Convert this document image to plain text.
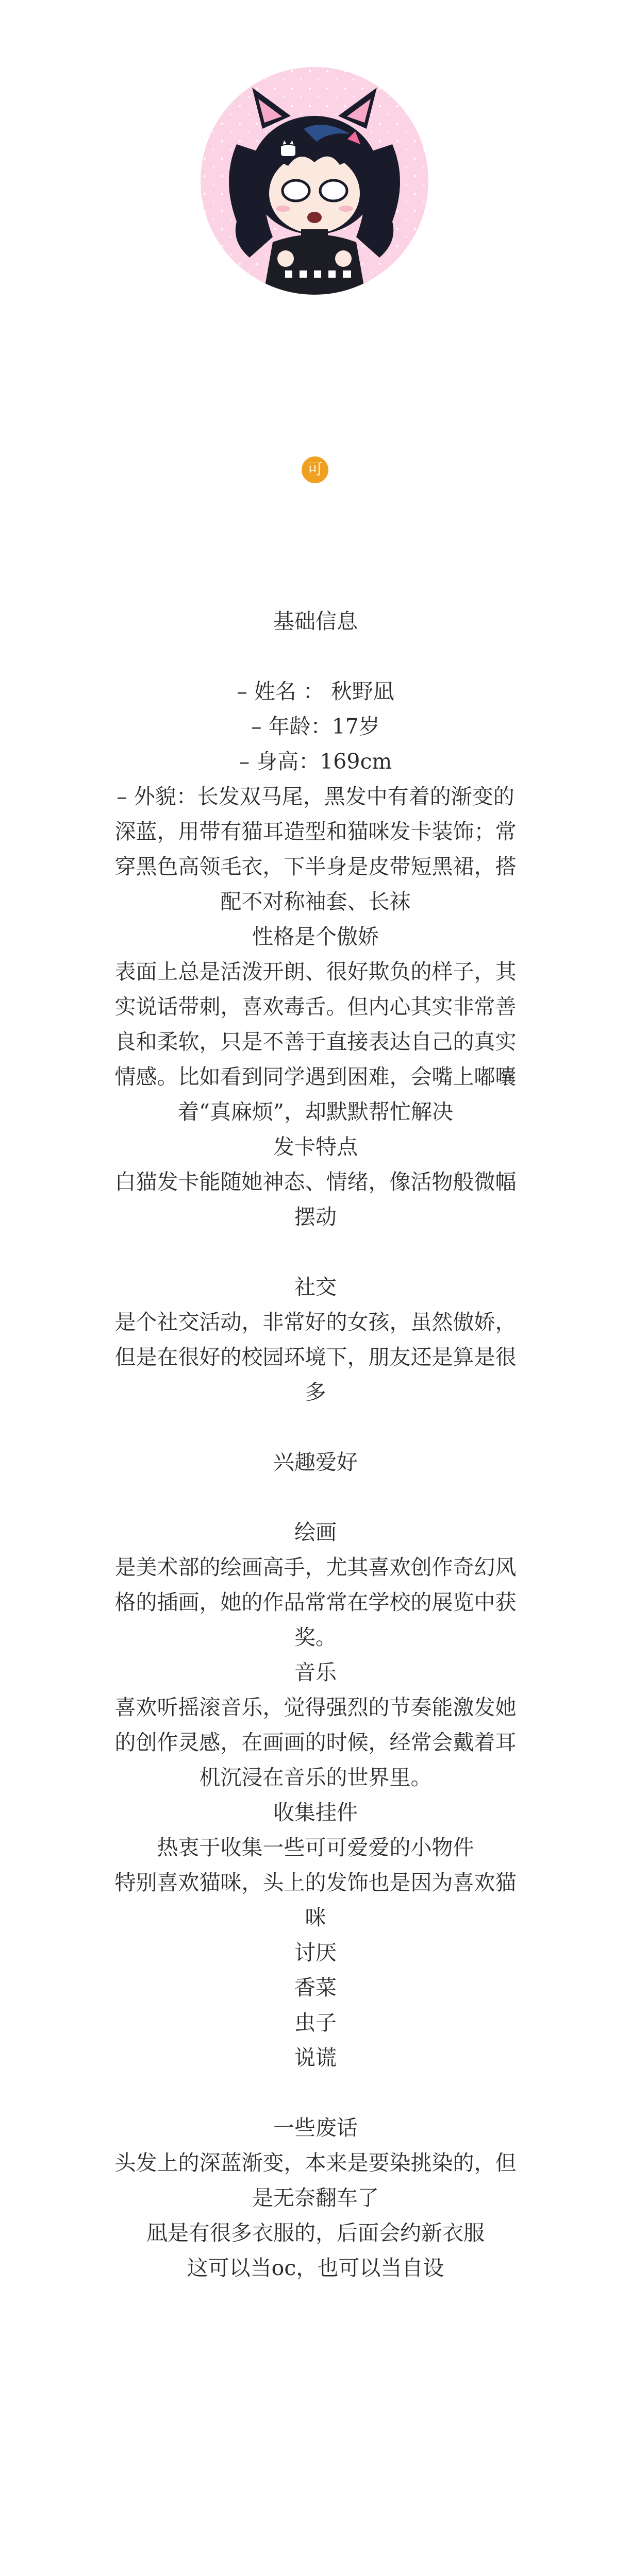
可

基础信息

– 姓名 ： 秋野凪

– 年龄：17岁

– 身高：169cm

– 外貌：长发双马尾，黑发中有着的渐变的

深蓝，用带有猫耳造型和猫咪发卡装饰；常

穿黑色高领毛衣，下半身是皮带短黑裙，搭

配不对称袖套、长袜

性格是个傲娇

表面上总是活泼开朗、很好欺负的样子，其

实说话带刺，喜欢毒舌。但内心其实非常善

良和柔软，只是不善于直接表达自己的真实

情感。比如看到同学遇到困难，会嘴上嘟囔

着“真麻烦”，却默默帮忙解决

发卡特点

白猫发卡能随她神态、情绪，像活物般微幅

摆动

社交

是个社交活动，非常好的女孩，虽然傲娇，

但是在很好的校园环境下，朋友还是算是很

多

兴趣爱好

绘画

是美术部的绘画高手，尤其喜欢创作奇幻风

格的插画，她的作品常常在学校的展览中获

奖。

音乐

喜欢听摇滚音乐，觉得强烈的节奏能激发她

的创作灵感，在画画的时候，经常会戴着耳

机沉浸在音乐的世界里。

收集挂件

热衷于收集一些可可爱爱的小物件

特别喜欢猫咪，头上的发饰也是因为喜欢猫

咪

讨厌

香菜

虫子

说谎

一些废话

头发上的深蓝渐变，本来是要染挑染的，但

是无奈翻车了

凪是有很多衣服的，后面会约新衣服

这可以当oc，也可以当自设
